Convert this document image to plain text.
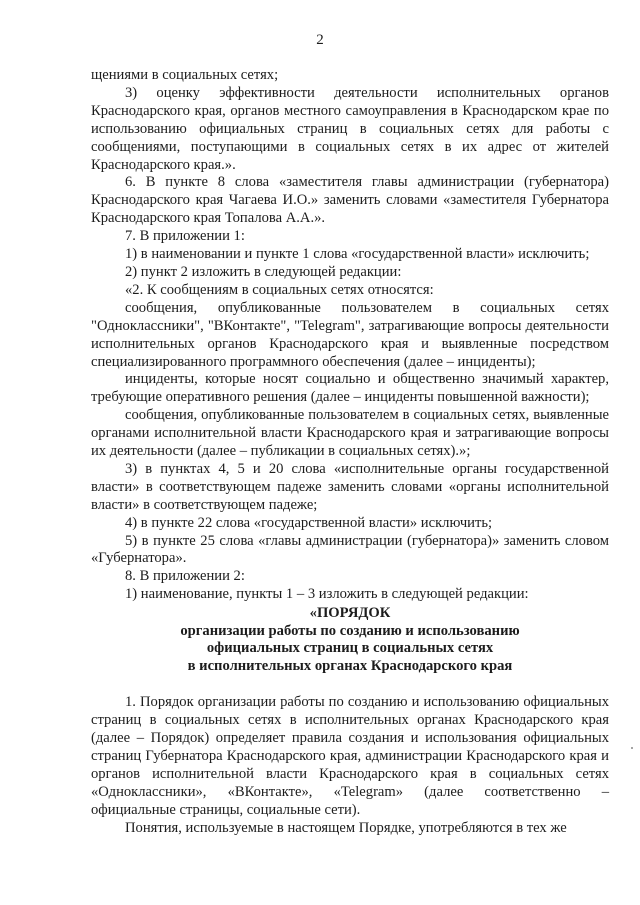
2

щениями в социальных сетях;

3) оценку эффективности деятельности исполнительных органов Краснодарского края, органов местного самоуправления в Краснодарском крае по использованию официальных страниц в социальных сетях для работы с сообщениями, поступающими в социальных сетях в их адрес от жителей Краснодарского края.».

6. В пункте 8 слова «заместителя главы администрации (губернатора) Краснодарского края Чагаева И.О.» заменить словами «заместителя Губернатора Краснодарского края Топалова А.А.».

7. В приложении 1:

1) в наименовании и пункте 1 слова «государственной власти» исключить;

2) пункт 2 изложить в следующей редакции:

«2. К сообщениям в социальных сетях относятся:

сообщения, опубликованные пользователем в социальных сетях "Одноклассники", "ВКонтакте", "Telegram", затрагивающие вопросы деятельности исполнительных органов Краснодарского края и выявленные посредством специализированного программного обеспечения (далее – инциденты);

инциденты, которые носят социально и общественно значимый характер, требующие оперативного решения (далее – инциденты повышенной важности);

сообщения, опубликованные пользователем в социальных сетях, выявленные органами исполнительной власти Краснодарского края и затрагивающие вопросы их деятельности (далее – публикации в социальных сетях).»;

3) в пунктах 4, 5 и 20 слова «исполнительные органы государственной власти» в соответствующем падеже заменить словами «органы исполнительной власти» в соответствующем падеже;

4) в пункте 22 слова «государственной власти» исключить;

5) в пункте 25 слова «главы администрации (губернатора)» заменить словом «Губернатора».

8. В приложении 2:

1) наименование, пункты 1 – 3 изложить в следующей редакции:

«ПОРЯДОК

организации работы по созданию и использованию

официальных страниц в социальных сетях

в исполнительных органах Краснодарского края

1. Порядок организации работы по созданию и использованию официальных страниц в социальных сетях в исполнительных органах Краснодарского края (далее – Порядок) определяет правила создания и использования официальных страниц Губернатора Краснодарского края, администрации Краснодарского края и органов исполнительной власти Краснодарского края в социальных сетях «Одноклассники», «ВКонтакте», «Telegram» (далее соответственно – официальные страницы, социальные сети).

Понятия, используемые в настоящем Порядке, употребляются в тех же
